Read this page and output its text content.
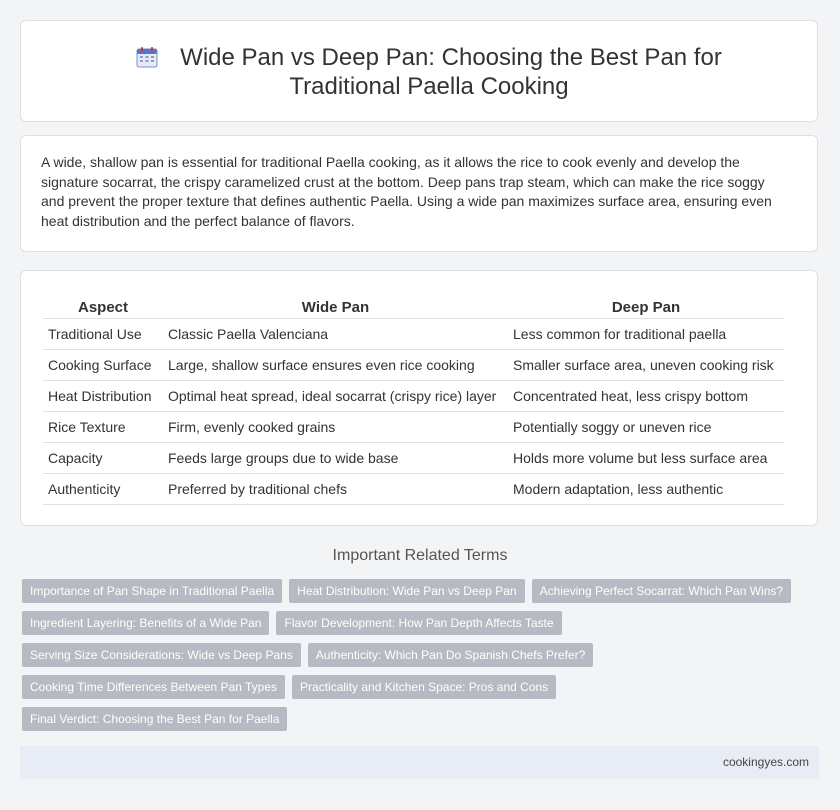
Wide Pan vs Deep Pan: Choosing the Best Pan for Traditional Paella Cooking
A wide, shallow pan is essential for traditional Paella cooking, as it allows the rice to cook evenly and develop the signature socarrat, the crispy caramelized crust at the bottom. Deep pans trap steam, which can make the rice soggy and prevent the proper texture that defines authentic Paella. Using a wide pan maximizes surface area, ensuring even heat distribution and the perfect balance of flavors.
Aspect	Wide Pan	Deep Pan
Traditional Use	Classic Paella Valenciana	Less common for traditional paella
Cooking Surface	Large, shallow surface ensures even rice cooking	Smaller surface area, uneven cooking risk
Heat Distribution	Optimal heat spread, ideal socarrat (crispy rice) layer	Concentrated heat, less crispy bottom
Rice Texture	Firm, evenly cooked grains	Potentially soggy or uneven rice
Capacity	Feeds large groups due to wide base	Holds more volume but less surface area
Authenticity	Preferred by traditional chefs	Modern adaptation, less authentic
Important Related Terms
Importance of Pan Shape in Traditional Paella	Heat Distribution: Wide Pan vs Deep Pan	Achieving Perfect Socarrat: Which Pan Wins?
Ingredient Layering: Benefits of a Wide Pan	Flavor Development: How Pan Depth Affects Taste
Serving Size Considerations: Wide vs Deep Pans	Authenticity: Which Pan Do Spanish Chefs Prefer?
Cooking Time Differences Between Pan Types	Practicality and Kitchen Space: Pros and Cons
Final Verdict: Choosing the Best Pan for Paella
cookingyes.com
